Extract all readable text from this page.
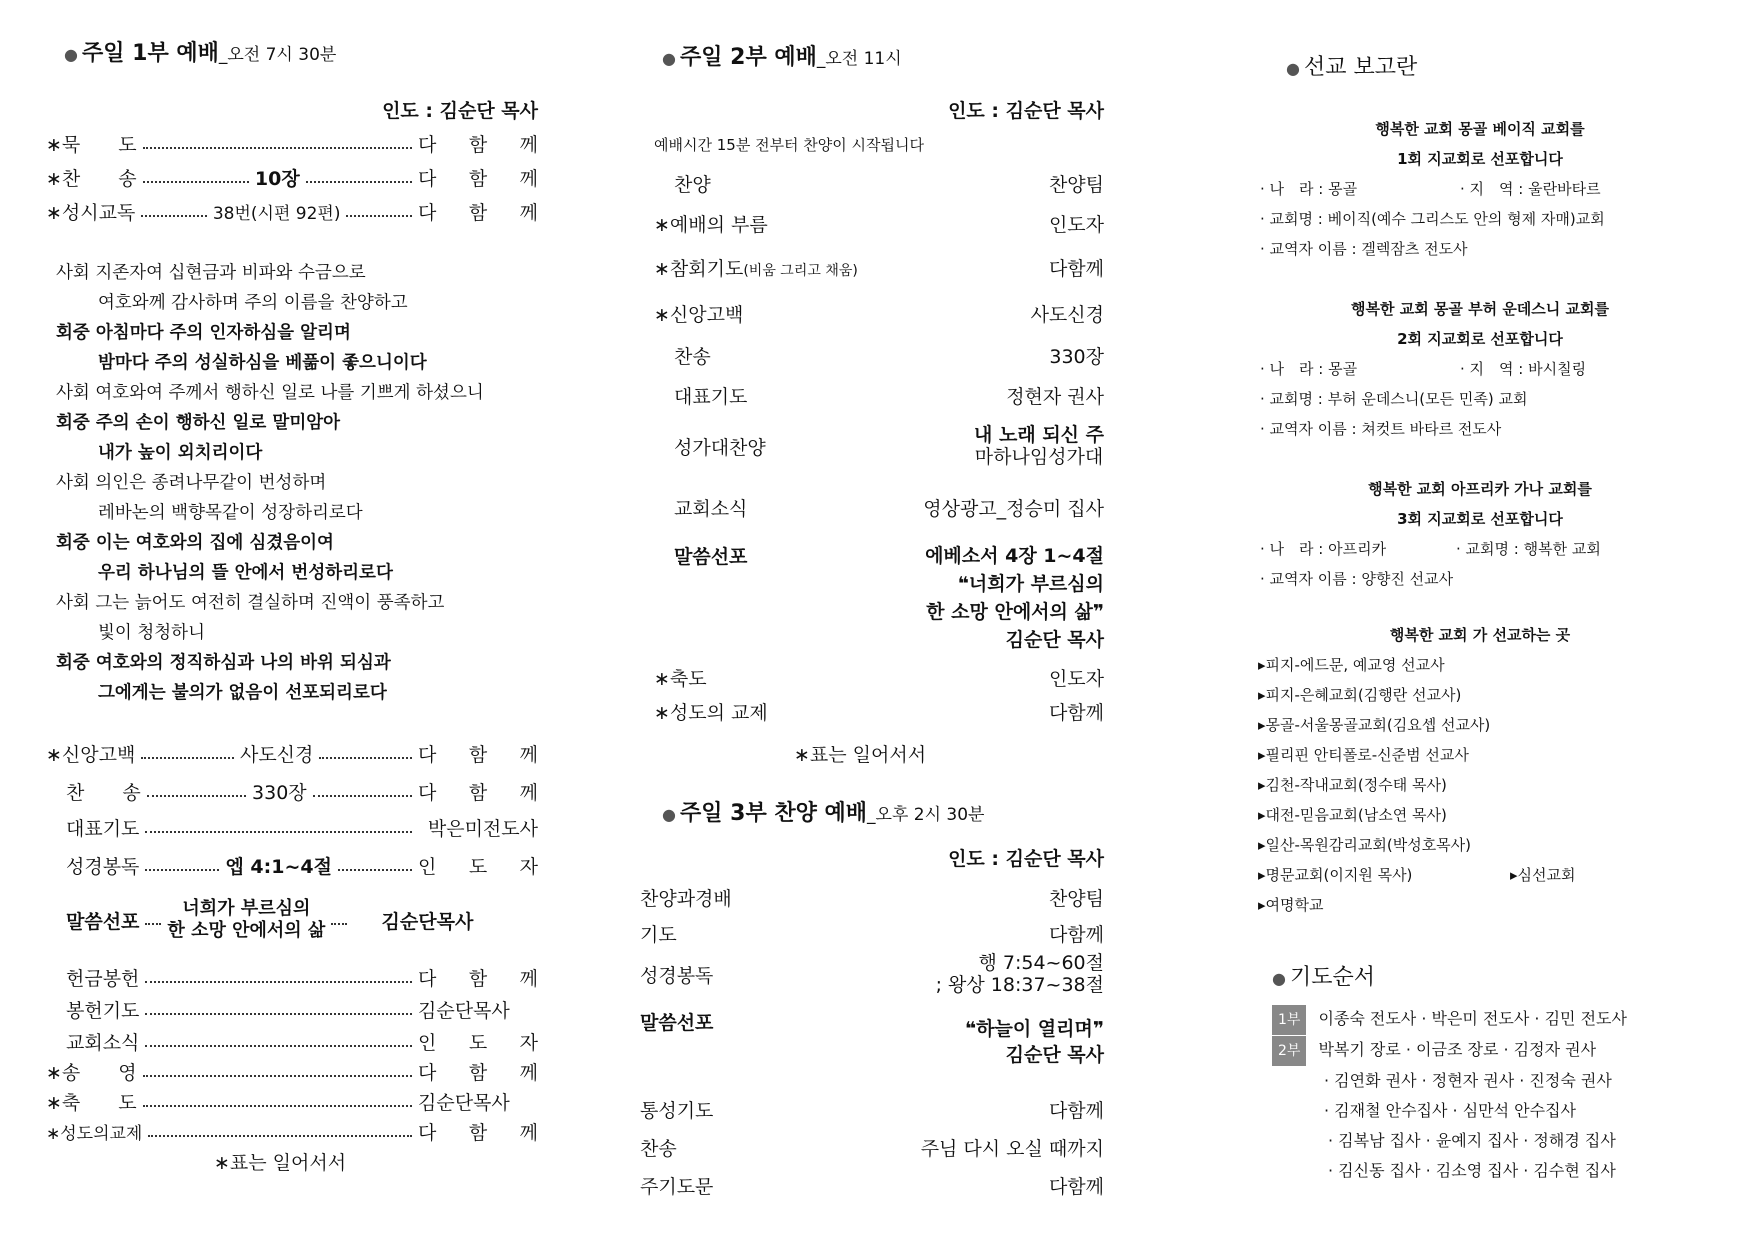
● 주일 1부 예배_오전 7시 30분
인도 : 김순단 목사
∗묵　　도	다 함 께
∗찬　　송	10장	다 함 께
∗성시교독	38번(시편 92편)	다 함 께
사회 지존자여 십현금과 비파와 수금으로
여호와께 감사하며 주의 이름을 찬양하고
회중 아침마다 주의 인자하심을 알리며
밤마다 주의 성실하심을 베풂이 좋으니이다
사회 여호와여 주께서 행하신 일로 나를 기쁘게 하셨으니
회중 주의 손이 행하신 일로 말미암아
내가 높이 외치리이다
사회 의인은 종려나무같이 번성하며
레바논의 백향목같이 성장하리로다
회중 이는 여호와의 집에 심겼음이여
우리 하나님의 뜰 안에서 번성하리로다
사회 그는 늙어도 여전히 결실하며 진액이 풍족하고
빛이 청청하니
회중 여호와의 정직하심과 나의 바위 되심과
그에게는 불의가 없음이 선포되리로다
∗신앙고백	사도신경	다 함 께
찬　　송	330장	다 함 께
대표기도	박은미전도사
성경봉독	엡 4:1~4절	인 도 자
말씀선포
너희가 부르심의
한 소망 안에서의 삶	김순단목사
헌금봉헌	다 함 께
봉헌기도	김순단목사
교회소식	인 도 자
∗송　　영	다 함 께
∗축　　도	김순단목사
∗성도의교제	다 함 께
∗표는 일어서서
● 주일 2부 예배_오전 11시
인도 : 김순단 목사
예배시간 15분 전부터 찬양이 시작됩니다
찬양	찬양팀
∗예배의 부름	인도자
∗참회기도(비움 그리고 채움)	다함께
∗신앙고백	사도신경
찬송	330장
대표기도	정현자 권사
성가대찬양
내 노래 되신 주
마하나임성가대
교회소식	영상광고_정승미 집사
말씀선포	에베소서 4장 1~4절
❝너희가 부르심의
한 소망 안에서의 삶❞
김순단 목사
∗축도	인도자
∗성도의 교제	다함께
∗표는 일어서서
● 주일 3부 찬양 예배_오후 2시 30분
인도 : 김순단 목사
찬양과경배	찬양팀
기도	다함께
성경봉독
행 7:54~60절
; 왕상 18:37~38절
말씀선포	❝하늘이 열리며❞
김순단 목사
통성기도	다함께
찬송	주님 다시 오실 때까지
주기도문	다함께
● 선교 보고란
행복한 교회 몽골 베이직 교회를
1회 지교회로 선포합니다
· 나　라 : 몽골	· 지　역 : 울란바타르
· 교회명 : 베이직(예수 그리스도 안의 형제 자매)교회
· 교역자 이름 : 겔렉잠츠 전도사
행복한 교회 몽골 부허 운데스니 교회를
2회 지교회로 선포합니다
· 나　라 : 몽골	· 지　역 : 바시칠링
· 교회명 : 부허 운데스니(모든 민족) 교회
· 교역자 이름 : 쳐컷트 바타르 전도사
행복한 교회 아프리카 가나 교회를
3회 지교회로 선포합니다
· 나　라 : 아프리카	· 교회명 : 행복한 교회
· 교역자 이름 : 양향진 선교사
행복한 교회 가 선교하는 곳
▸피지-에드문, 예교영 선교사
▸피지-은혜교회(김행란 선교사)
▸몽골-서울몽골교회(김요셉 선교사)
▸필리핀 안티폴로-신준범 선교사
▸김천-작내교회(정수태 목사)
▸대전-믿음교회(남소연 목사)
▸일산-목원감리교회(박성호목사)
▸명문교회(이지원 목사)	▸심선교회
▸여명학교
● 기도순서
1부 이종숙 전도사 · 박은미 전도사 · 김민 전도사
2부 박복기 장로 · 이금조 장로 · 김정자 권사
· 김연화 권사 · 정현자 권사 · 진정숙 권사
· 김재철 안수집사 · 심만석 안수집사
· 김복남 집사 · 윤예지 집사 · 정해경 집사
· 김신동 집사 · 김소영 집사 · 김수현 집사
